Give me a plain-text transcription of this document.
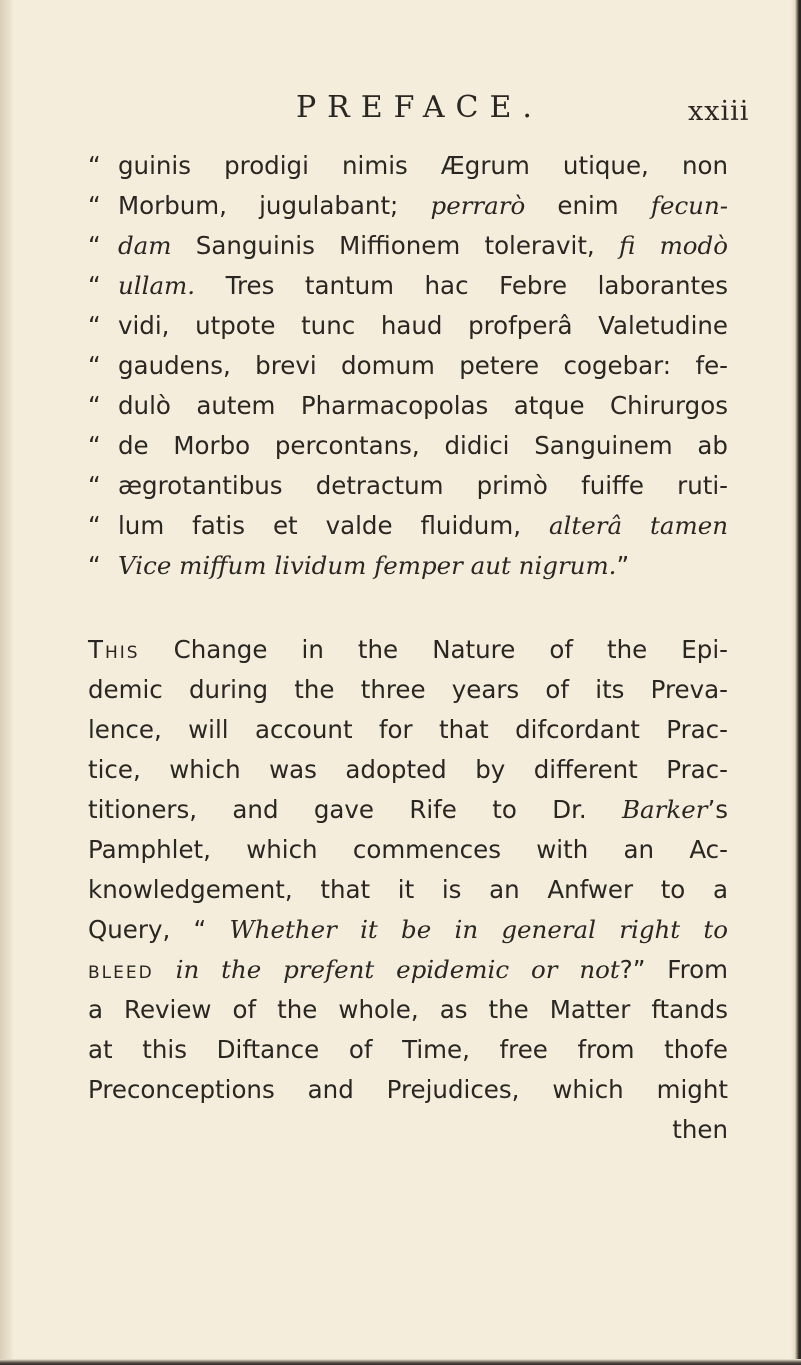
PREFACE.	xxiii
“ guinis prodigi nimis Ægrum utique, non
“ Morbum, jugulabant; perrarò enim fecun-
“ dam Sanguinis Miffionem toleravit, fi modò
“ ullam. Tres tantum hac Febre laborantes
“ vidi, utpote tunc haud profperâ Valetudine
“ gaudens, brevi domum petere cogebar: fe-
“ dulò autem Pharmacopolas atque Chirurgos
“ de Morbo percontans, didici Sanguinem ab
“ ægrotantibus detractum primò fuiffe ruti-
“ lum fatis et valde fluidum, alterâ tamen
“ Vice miffum lividum femper aut nigrum.”
This Change in the Nature of the Epi-
demic during the three years of its Preva-
lence, will account for that difcordant Prac-
tice, which was adopted by different Prac-
titioners, and gave Rife to Dr. Barker’s
Pamphlet, which commences with an Ac-
knowledgement, that it is an Anfwer to a
Query, “ Whether it be in general right to
bleed in the prefent epidemic or not?” From
a Review of the whole, as the Matter ftands
at this Diftance of Time, free from thofe
Preconceptions and Prejudices, which might
then
